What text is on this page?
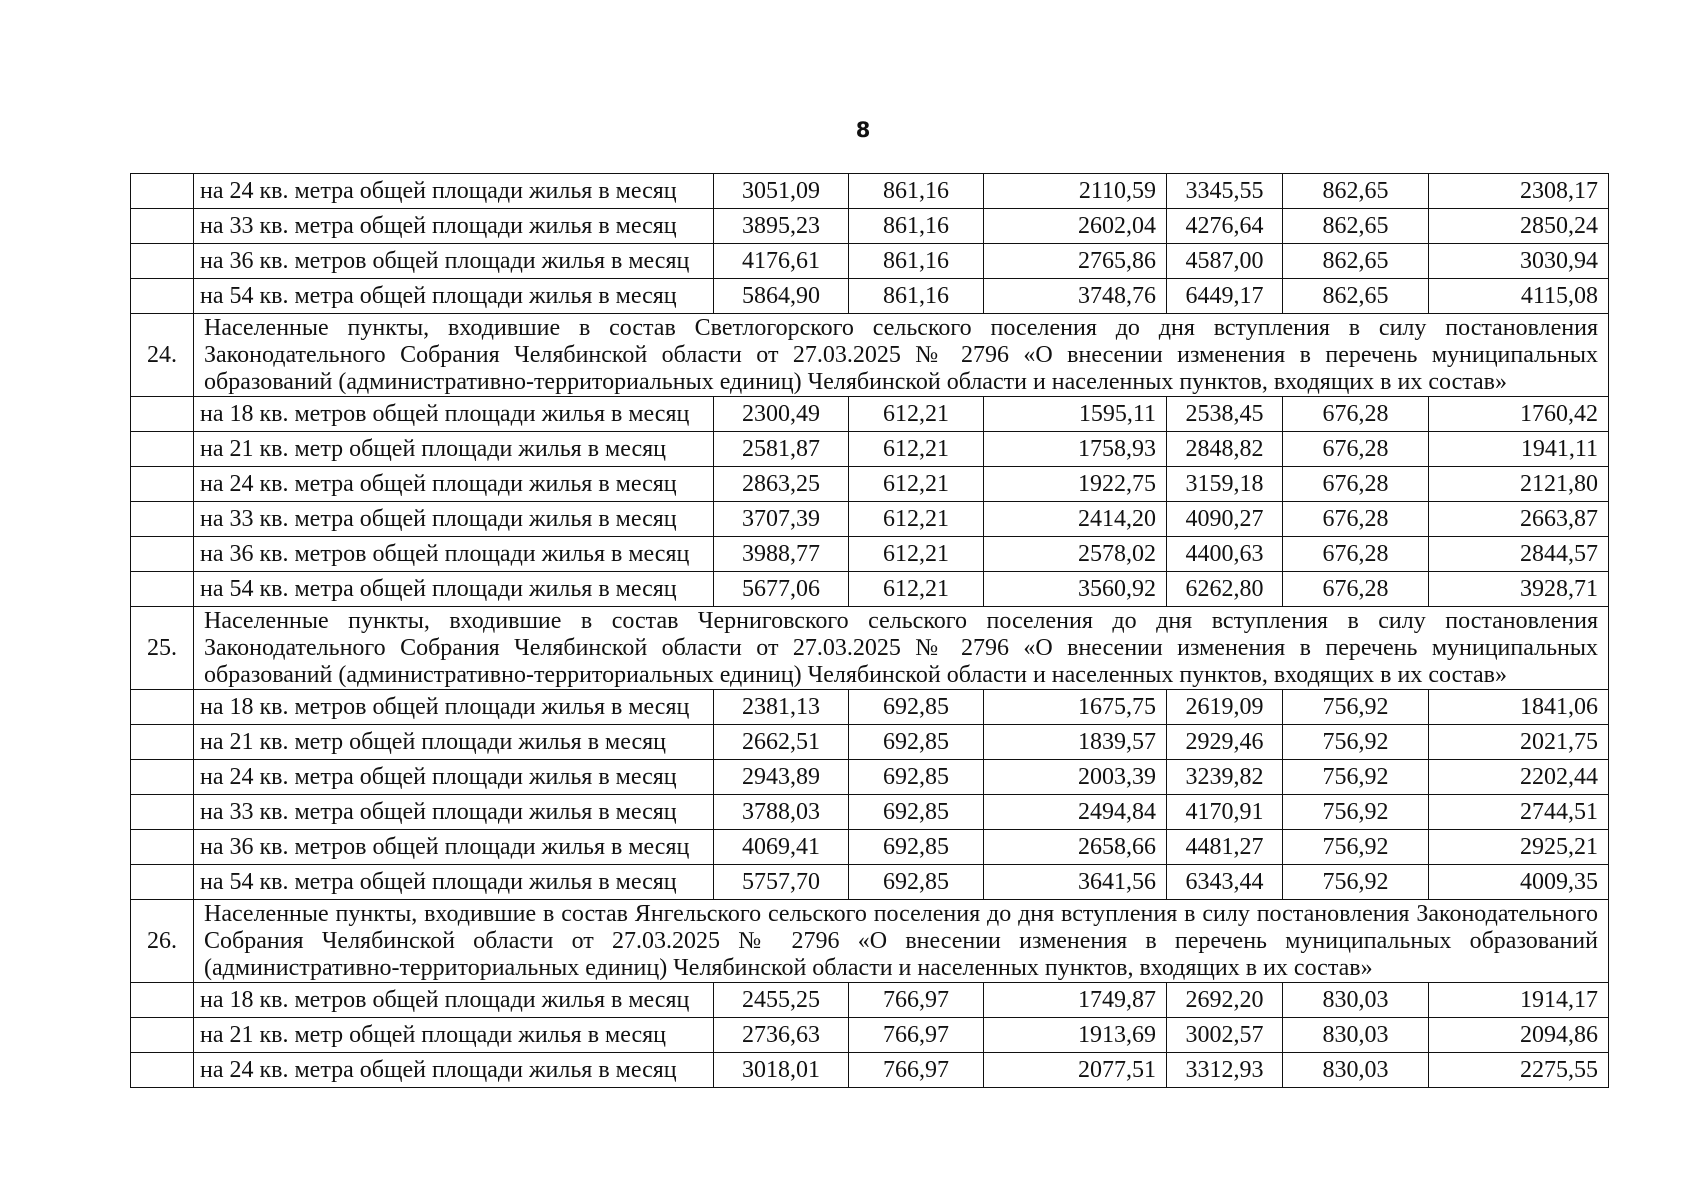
8
	на 24 кв. метра общей площади жилья в месяц	3051,09	861,16	2110,59	3345,55	862,65	2308,17
	на 33 кв. метра общей площади жилья в месяц	3895,23	861,16	2602,04	4276,64	862,65	2850,24
	на 36 кв. метров общей площади жилья в месяц	4176,61	861,16	2765,86	4587,00	862,65	3030,94
	на 54 кв. метра общей площади жилья в месяц	5864,90	861,16	3748,76	6449,17	862,65	4115,08
24.	Населенные пункты, входившие в состав Светлогорского сельского поселения до дня вступления в силу постановления Законодательного Собрания Челябинской области от 27.03.2025 № 2796 «О внесении изменения в перечень муниципальных образований (административно-территориальных единиц) Челябинской области и населенных пунктов, входящих в их состав»						
	на 18 кв. метров общей площади жилья в месяц	2300,49	612,21	1595,11	2538,45	676,28	1760,42
	на 21 кв. метр общей площади жилья в месяц	2581,87	612,21	1758,93	2848,82	676,28	1941,11
	на 24 кв. метра общей площади жилья в месяц	2863,25	612,21	1922,75	3159,18	676,28	2121,80
	на 33 кв. метра общей площади жилья в месяц	3707,39	612,21	2414,20	4090,27	676,28	2663,87
	на 36 кв. метров общей площади жилья в месяц	3988,77	612,21	2578,02	4400,63	676,28	2844,57
	на 54 кв. метра общей площади жилья в месяц	5677,06	612,21	3560,92	6262,80	676,28	3928,71
25.	Населенные пункты, входившие в состав Черниговского сельского поселения до дня вступления в силу постановления Законодательного Собрания Челябинской области от 27.03.2025 № 2796 «О внесении изменения в перечень муниципальных образований (административно-территориальных единиц) Челябинской области и населенных пунктов, входящих в их состав»						
	на 18 кв. метров общей площади жилья в месяц	2381,13	692,85	1675,75	2619,09	756,92	1841,06
	на 21 кв. метр общей площади жилья в месяц	2662,51	692,85	1839,57	2929,46	756,92	2021,75
	на 24 кв. метра общей площади жилья в месяц	2943,89	692,85	2003,39	3239,82	756,92	2202,44
	на 33 кв. метра общей площади жилья в месяц	3788,03	692,85	2494,84	4170,91	756,92	2744,51
	на 36 кв. метров общей площади жилья в месяц	4069,41	692,85	2658,66	4481,27	756,92	2925,21
	на 54 кв. метра общей площади жилья в месяц	5757,70	692,85	3641,56	6343,44	756,92	4009,35
26.	Населенные пункты, входившие в состав Янгельского сельского поселения до дня вступления в силу постановления Законодательного Собрания Челябинской области от 27.03.2025 № 2796 «О внесении изменения в перечень муниципальных образований (административно-территориальных единиц) Челябинской области и населенных пунктов, входящих в их состав»						
	на 18 кв. метров общей площади жилья в месяц	2455,25	766,97	1749,87	2692,20	830,03	1914,17
	на 21 кв. метр общей площади жилья в месяц	2736,63	766,97	1913,69	3002,57	830,03	2094,86
	на 24 кв. метра общей площади жилья в месяц	3018,01	766,97	2077,51	3312,93	830,03	2275,55
